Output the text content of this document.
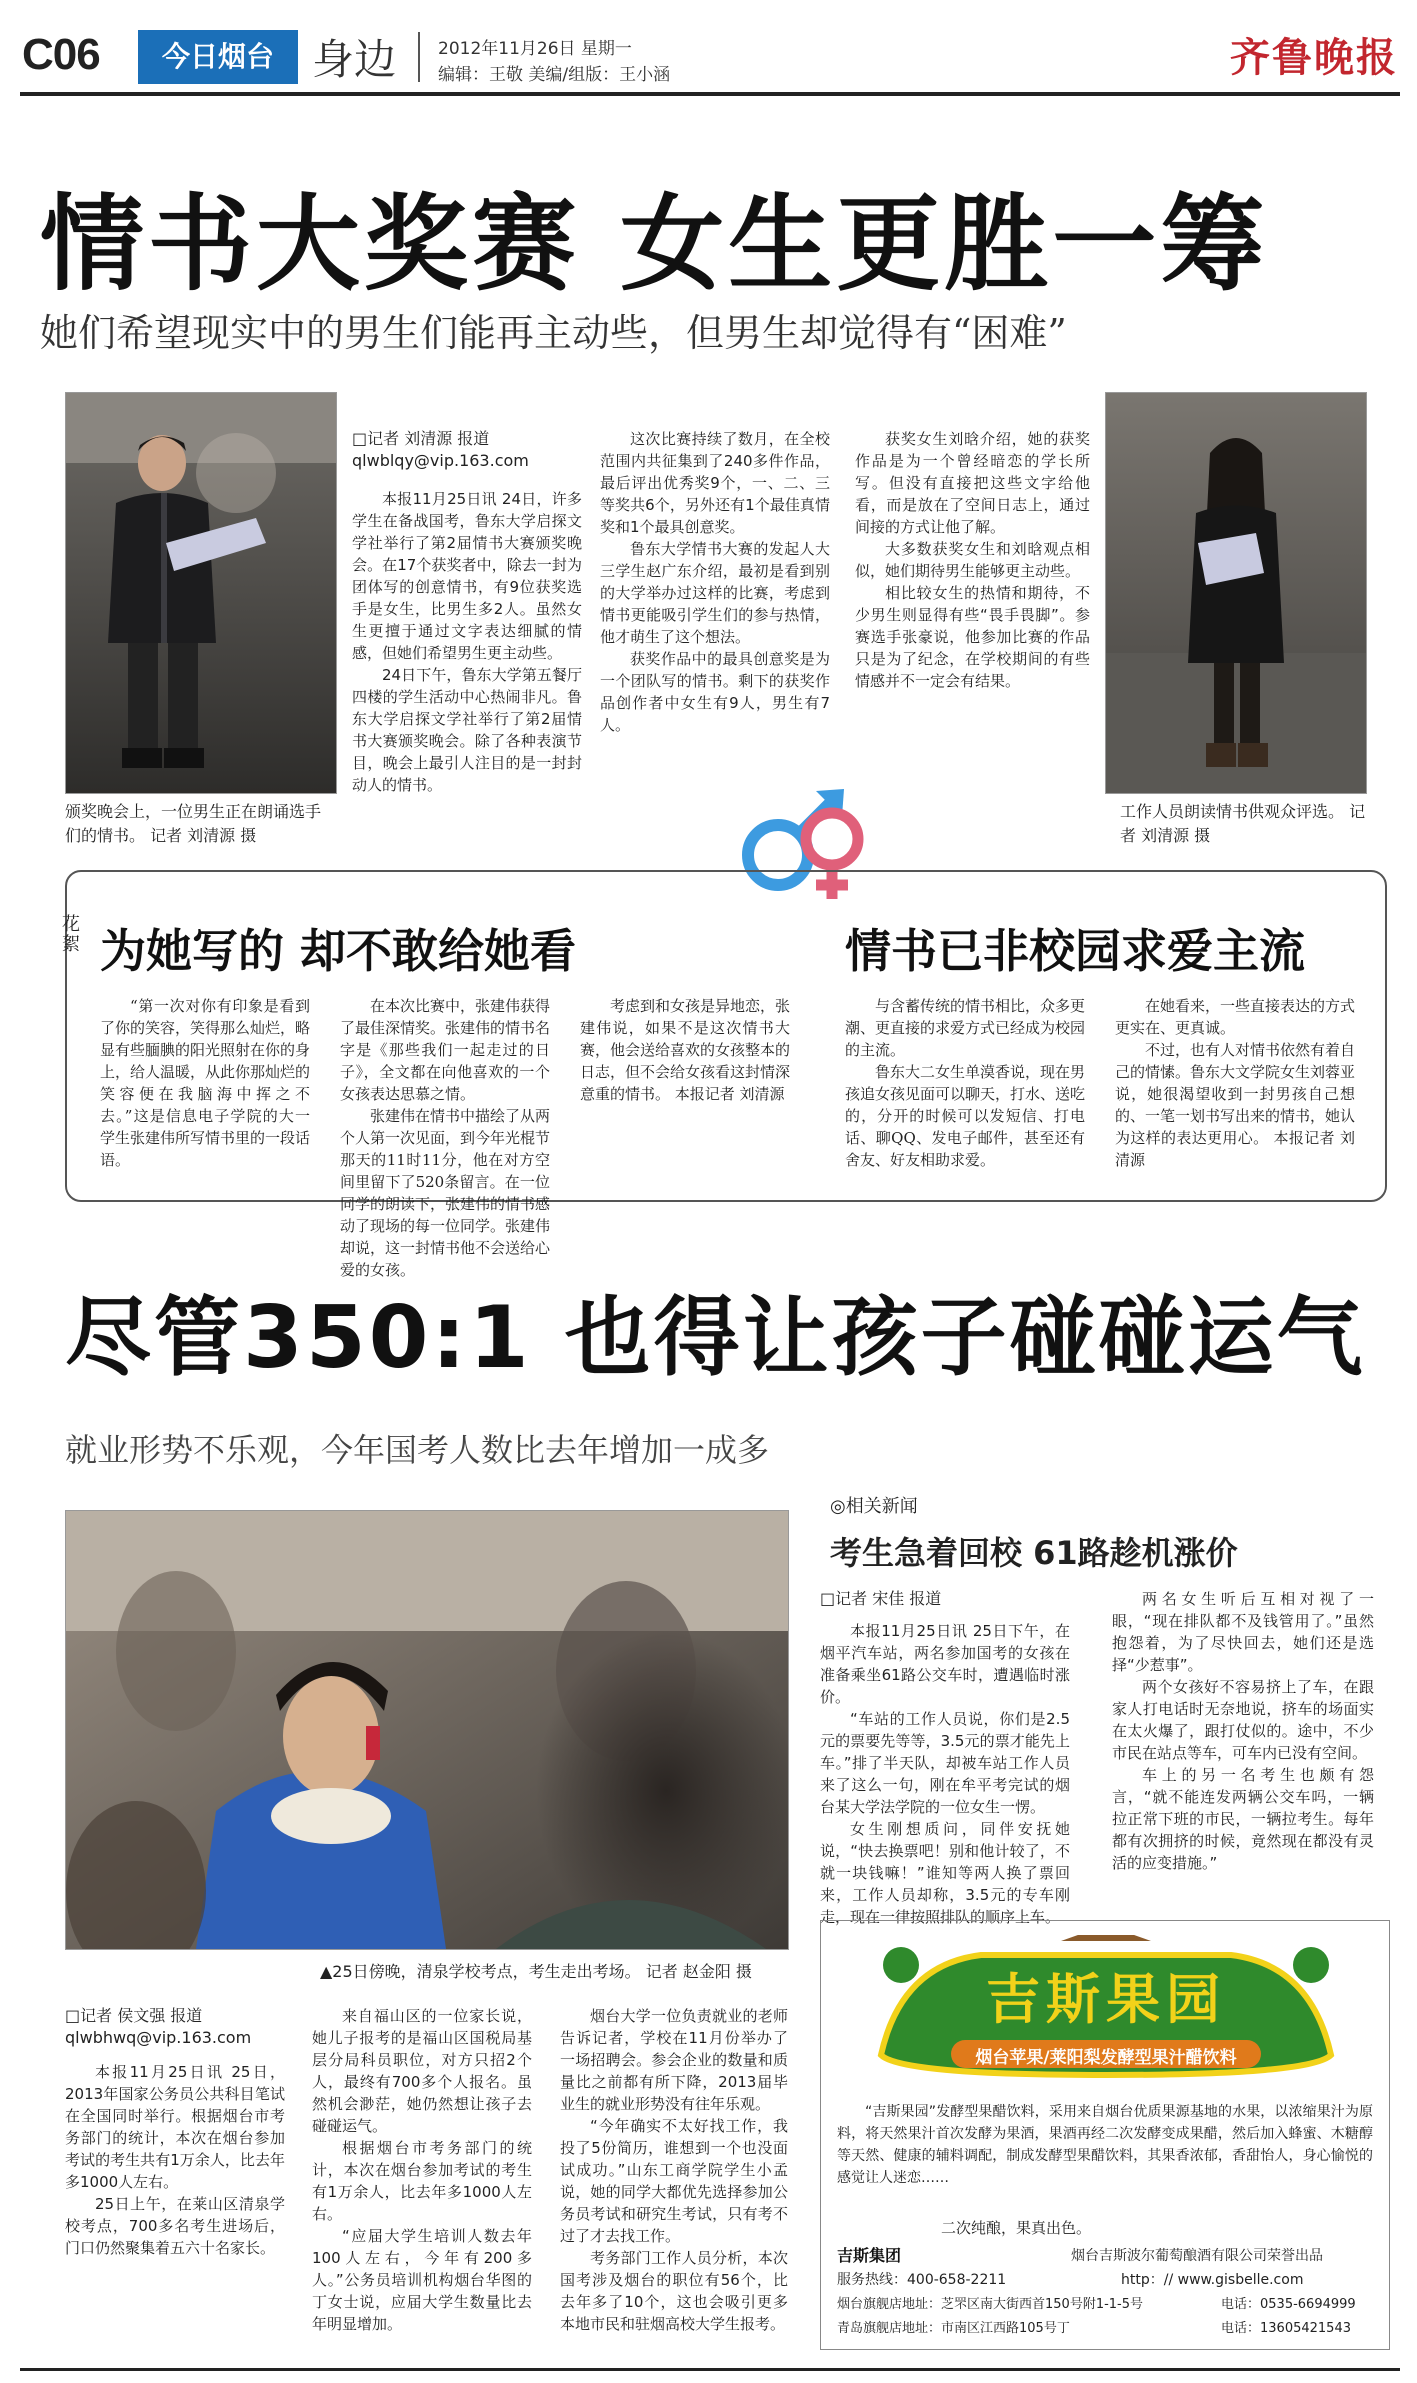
C06	今日烟台 身边 2012年11月26日 星期一
编辑：王敬 美编/组版：王小涵	齐鲁晚报
情书大奖赛 女生更胜一筹
她们希望现实中的男生们能再主动些，但男生却觉得有“困难”
颁奖晚会上，一位男生正在朗诵选手们的情书。 记者 刘清源 摄
工作人员朗读情书供观众评选。 记者 刘清源 摄
□记者 刘清源 报道
qlwblqy@vip.163.com

本报11月25日讯 24日，许多学生在备战国考，鲁东大学启探文学社举行了第2届情书大赛颁奖晚会。在17个获奖者中，除去一封为团体写的创意情书，有9位获奖选手是女生，比男生多2人。虽然女生更擅于通过文字表达细腻的情感，但她们希望男生更主动些。

24日下午，鲁东大学第五餐厅四楼的学生活动中心热闹非凡。鲁东大学启探文学社举行了第2届情书大赛颁奖晚会。除了各种表演节目，晚会上最引人注目的是一封封动人的情书。

这次比赛持续了数月，在全校范围内共征集到了240多件作品，最后评出优秀奖9个，一、二、三等奖共6个，另外还有1个最佳真情奖和1个最具创意奖。

鲁东大学情书大赛的发起人大三学生赵广东介绍，最初是看到别的大学举办过这样的比赛，考虑到情书更能吸引学生们的参与热情，他才萌生了这个想法。

获奖作品中的最具创意奖是为一个团队写的情书。剩下的获奖作品创作者中女生有9人，男生有7人。

获奖女生刘晗介绍，她的获奖作品是为一个曾经暗恋的学长所写。但没有直接把这些文字给他看，而是放在了空间日志上，通过间接的方式让他了解。

大多数获奖女生和刘晗观点相似，她们期待男生能够更主动些。

相比较女生的热情和期待，不少男生则显得有些“畏手畏脚”。参赛选手张豪说，他参加比赛的作品只是为了纪念，在学校期间的有些情感并不一定会有结果。

花絮 为她写的 却不敢给她看	情书已非校园求爱主流

“第一次对你有印象是看到了你的笑容，笑得那么灿烂，略显有些腼腆的阳光照射在你的身上，给人温暖，从此你那灿烂的笑容便在我脑海中挥之不去。”这是信息电子学院的大一学生张建伟所写情书里的一段话语。

在本次比赛中，张建伟获得了最佳深情奖。张建伟的情书名字是《那些我们一起走过的日子》，全文都在向他喜欢的一个女孩表达思慕之情。

张建伟在情书中描绘了从两个人第一次见面，到今年光棍节那天的11时11分，他在对方空间里留下了520条留言。在一位同学的朗读下，张建伟的情书感动了现场的每一位同学。张建伟却说，这一封情书他不会送给心爱的女孩。

考虑到和女孩是异地恋，张建伟说，如果不是这次情书大赛，他会送给喜欢的女孩整本的日志，但不会给女孩看这封情深意重的情书。 本报记者 刘清源

与含蓄传统的情书相比，众多更潮、更直接的求爱方式已经成为校园的主流。

鲁东大二女生单漠香说，现在男孩追女孩见面可以聊天，打水、送吃的，分开的时候可以发短信、打电话、聊QQ、发电子邮件，甚至还有舍友、好友相助求爱。

在她看来，一些直接表达的方式更实在、更真诚。

不过，也有人对情书依然有着自己的情愫。鲁东大文学院女生刘蓉亚说，她很渴望收到一封男孩自己想的、一笔一划书写出来的情书，她认为这样的表达更用心。 本报记者 刘清源

尽管350:1 也得让孩子碰碰运气
就业形势不乐观，今年国考人数比去年增加一成多
▲25日傍晚，清泉学校考点，考生走出考场。 记者 赵金阳 摄
□记者 侯文强 报道
qlwbhwq@vip.163.com

本报11月25日讯 25日，2013年国家公务员公共科目笔试在全国同时举行。根据烟台市考务部门的统计，本次在烟台参加考试的考生共有1万余人，比去年多1000人左右。

25日上午，在莱山区清泉学校考点，700多名考生进场后，门口仍然聚集着五六十名家长。

来自福山区的一位家长说，她儿子报考的是福山区国税局基层分局科员职位，对方只招2个人，最终有700多个人报名。虽然机会渺茫，她仍然想让孩子去碰碰运气。

根据烟台市考务部门的统计，本次在烟台参加考试的考生有1万余人，比去年多1000人左右。

“应届大学生培训人数去年100人左右，今年有200多人。”公务员培训机构烟台华图的丁女士说，应届大学生数量比去年明显增加。

烟台大学一位负责就业的老师告诉记者，学校在11月份举办了一场招聘会。参会企业的数量和质量比之前都有所下降，2013届毕业生的就业形势没有往年乐观。

“今年确实不太好找工作，我投了5份简历，谁想到一个也没面试成功。”山东工商学院学生小孟说，她的同学大都优先选择参加公务员考试和研究生考试，只有考不过了才去找工作。

考务部门工作人员分析，本次国考涉及烟台的职位有56个，比去年多了10个，这也会吸引更多本地市民和驻烟高校大学生报考。

◎相关新闻
考生急着回校 61路趁机涨价
□记者 宋佳 报道

本报11月25日讯 25日下午，在烟平汽车站，两名参加国考的女孩在准备乘坐61路公交车时，遭遇临时涨价。

“车站的工作人员说，你们是2.5元的票要先等等，3.5元的票才能先上车。”排了半天队，却被车站工作人员来了这么一句，刚在牟平考完试的烟台某大学法学院的一位女生一愣。

女生刚想质问，同伴安抚她说，“快去换票吧！别和他计较了，不就一块钱嘛！”谁知等两人换了票回来，工作人员却称，3.5元的专车刚走，现在一律按照排队的顺序上车。

两名女生听后互相对视了一眼，“现在排队都不及钱管用了。”虽然抱怨着，为了尽快回去，她们还是选择“少惹事”。

两个女孩好不容易挤上了车，在跟家人打电话时无奈地说，挤车的场面实在太火爆了，跟打仗似的。途中，不少市民在站点等车，可车内已没有空间。

车上的另一名考生也颇有怨言，“就不能连发两辆公交车吗，一辆拉正常下班的市民，一辆拉考生。每年都有次拥挤的时候，竟然现在都没有灵活的应变措施。”

吉斯果园
烟台苹果/莱阳梨发酵型果汁醋饮料
“吉斯果园”发酵型果醋饮料，采用来自烟台优质果源基地的水果，以浓缩果汁为原料，将天然果汁首次发酵为果酒，果酒再经二次发酵变成果醋，然后加入蜂蜜、木糖醇等天然、健康的辅料调配，制成发酵型果醋饮料，其果香浓郁，香甜怡人，身心愉悦的感觉让人迷恋……
二次纯酿，果真出色。
吉斯集团	烟台吉斯波尔葡萄酿酒有限公司荣誉出品
服务热线：400-658-2211	http：// www.gisbelle.com
烟台旗舰店地址：芝罘区南大街西首150号附1-1-5号	电话：0535-6694999
青岛旗舰店地址：市南区江西路105号丁	电话：13605421543
